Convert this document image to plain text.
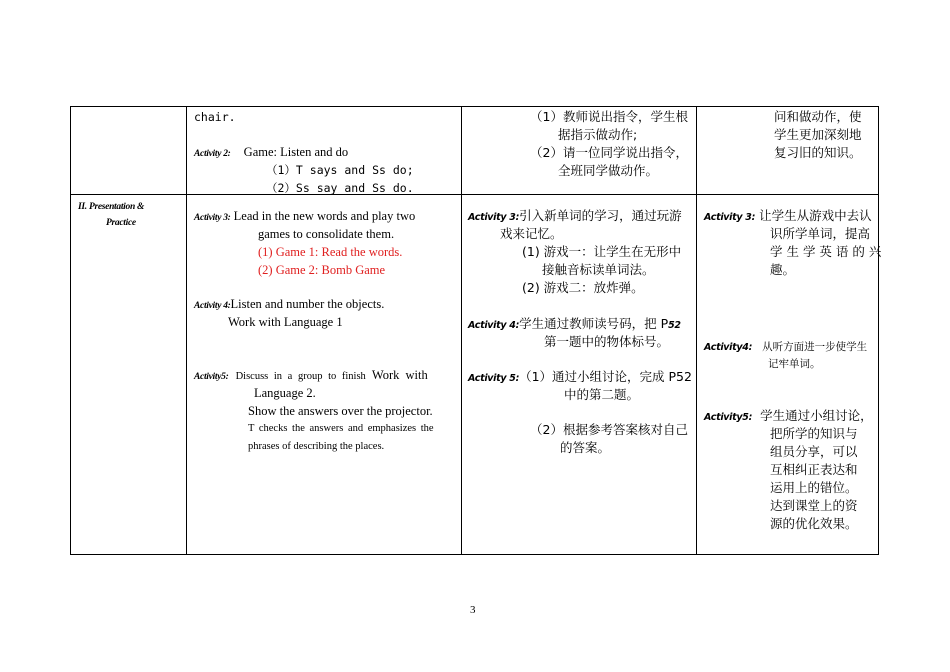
chair.
Activity 2: Game: Listen and do
（1）T says and Ss do;
（2）Ss say and Ss do.
（1）教师说出指令，学生根
据指示做动作;
（2）请一位同学说出指令，
全班同学做动作。
问和做动作，使
学生更加深刻地
复习旧的知识。
II. Presentation &
Practice	Activity 3: Lead in the new words and play two
games to consolidate them.
(1) Game 1: Read the words.
(2) Game 2: Bomb Game
Activity 4:Listen and number the objects.
Work with Language 1
Activity5: Discuss in a group to finish Work with
Language 2.
Show the answers over the projector.
T checks the answers and emphasizes the
phrases of describing the places.
Activity 3:引入新单词的学习，通过玩游
戏来记忆。
(1) 游戏一：让学生在无形中
接触音标读单词法。
(2) 游戏二：放炸弹。
Activity 4:学生通过教师读号码，把 P52
第一题中的物体标号。
Activity 5:（1）通过小组讨论，完成 P52
中的第二题。
（2）根据参考答案核对自己
的答案。
Activity 3: 让学生从游戏中去认
识所学单词，提高
学 生 学 英 语 的 兴
趣。
Activity4: 从听方面进一步使学生
记牢单词。
Activity5: 学生通过小组讨论，
把所学的知识与
组员分享，可以
互相纠正表达和
运用上的错位。
达到课堂上的资
源的优化效果。
3
